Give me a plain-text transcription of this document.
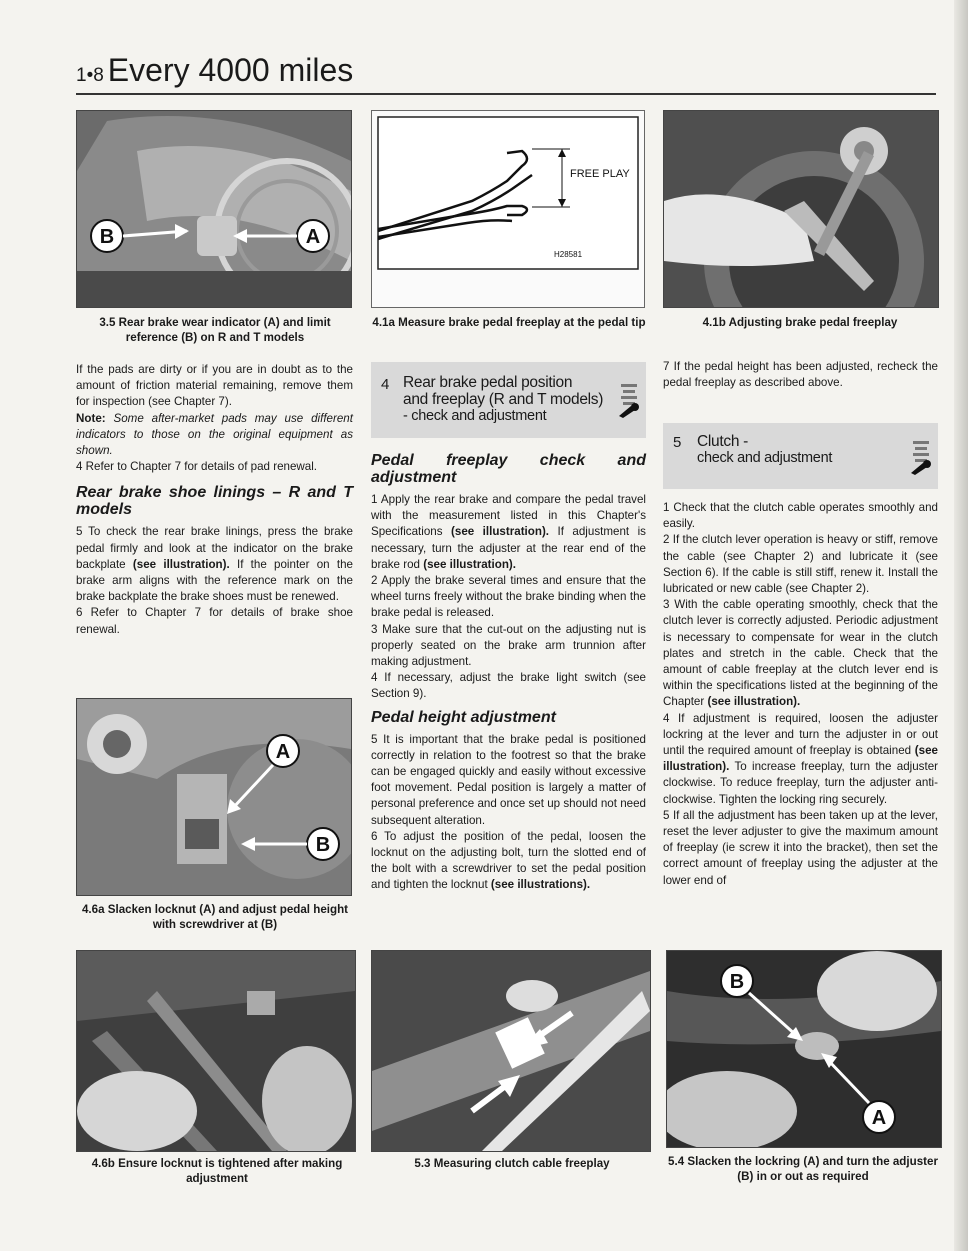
1•8 Every 4000 miles
B	A
3.5 Rear brake wear indicator (A) and limit reference (B) on R and T models
FREE PLAY
H28581
4.1a Measure brake pedal freeplay at the pedal tip	4.1b Adjusting brake pedal freeplay

If the pads are dirty or if you are in doubt as to the amount of friction material remaining, remove them for inspection (see Chapter 7).

Note: Some after-market pads may use different indicators to those on the original equipment as shown.

4 Refer to Chapter 7 for details of pad renewal.

Rear brake shoe linings – R and T models

5 To check the rear brake linings, press the brake pedal firmly and look at the indicator on the brake backplate (see illustration). If the pointer on the brake arm aligns with the reference mark on the brake backplate the brake shoes must be renewed.

6 Refer to Chapter 7 for details of brake shoe renewal.

A
B
4.6a Slacken locknut (A) and adjust pedal height with screwdriver at (B)
4 Rear brake pedal position
and freeplay (R and T models)
- check and adjustment
Pedal freeplay check and adjustment

1 Apply the rear brake and compare the pedal travel with the measurement listed in this Chapter's Specifications (see illustration). If adjustment is necessary, turn the adjuster at the rear end of the brake rod (see illustration).

2 Apply the brake several times and ensure that the wheel turns freely without the brake binding when the brake pedal is released.

3 Make sure that the cut-out on the adjusting nut is properly seated on the brake arm trunnion after making adjustment.

4 If necessary, adjust the brake light switch (see Section 9).

Pedal height adjustment

5 It is important that the brake pedal is positioned correctly in relation to the footrest so that the brake can be engaged quickly and easily without excessive foot movement. Pedal position is largely a matter of personal preference and once set up should not need subsequent alteration.

6 To adjust the position of the pedal, loosen the locknut on the adjusting bolt, turn the slotted end of the bolt with a screwdriver to set the pedal position and tighten the locknut (see illustrations).

7 If the pedal height has been adjusted, recheck the pedal freeplay as described above.

5 Clutch -
check and adjustment

1 Check that the clutch cable operates smoothly and easily.

2 If the clutch lever operation is heavy or stiff, remove the cable (see Chapter 2) and lubricate it (see Section 6). If the cable is still stiff, renew it. Install the lubricated or new cable (see Chapter 2).

3 With the cable operating smoothly, check that the clutch lever is correctly adjusted. Periodic adjustment is necessary to compensate for wear in the clutch plates and stretch in the cable. Check that the amount of cable freeplay at the clutch lever end is within the specifications listed at the beginning of the Chapter (see illustration).

4 If adjustment is required, loosen the adjuster lockring at the lever and turn the adjuster in or out until the required amount of freeplay is obtained (see illustration). To increase freeplay, turn the adjuster clockwise. To reduce freeplay, turn the adjuster anti-clockwise. Tighten the locking ring securely.

5 If all the adjustment has been taken up at the lever, reset the lever adjuster to give the maximum amount of freeplay (ie screw it into the bracket), then set the correct amount of freeplay using the adjuster at the lower end of

4.6b Ensure locknut is tightened after making adjustment
5.3 Measuring clutch cable freeplay
B
A
5.4 Slacken the lockring (A) and turn the adjuster (B) in or out as required
